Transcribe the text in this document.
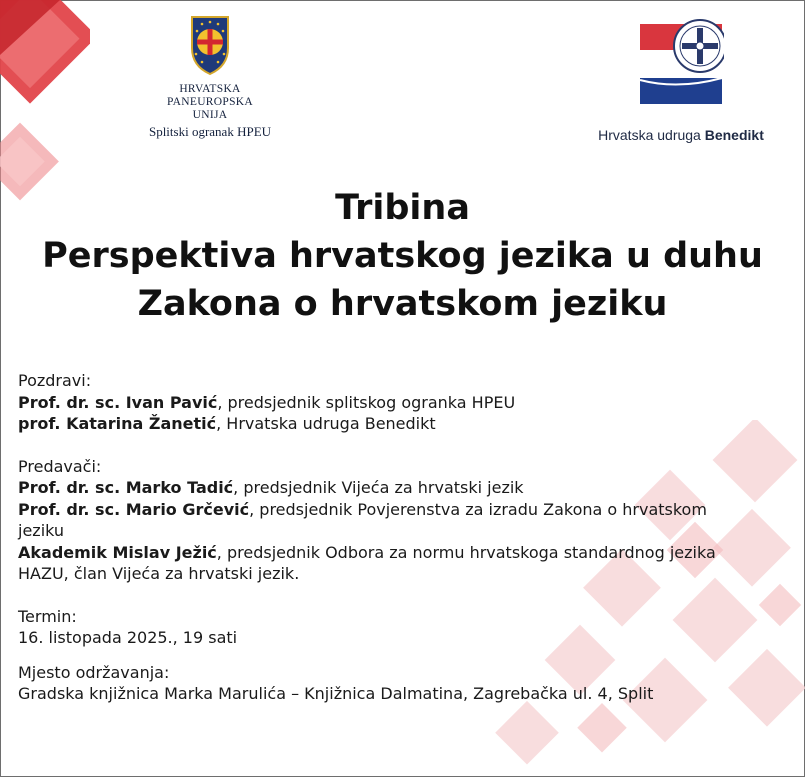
HRVATSKA
PANEUROPSKA
UNIJA
Splitski ogranak HPEU	Hrvatska udruga Benedikt
Tribina
Perspektiva hrvatskog jezika u duhu
Zakona o hrvatskom jeziku

Pozdravi:

Prof. dr. sc. Ivan Pavić, predsjednik splitskog ogranka HPEU

prof. Katarina Žanetić, Hrvatska udruga Benedikt

Predavači:

Prof. dr. sc. Marko Tadić, predsjednik Vijeća za hrvatski jezik

Prof. dr. sc. Mario Grčević, predsjednik Povjerenstva za izradu Zakona o hrvatskom

jeziku

Akademik Mislav Ježić, predsjednik Odbora za normu hrvatskoga standardnog jezika

HAZU, član Vijeća za hrvatski jezik.

Termin:

16. listopada 2025., 19 sati

Mjesto održavanja:

Gradska knjižnica Marka Marulića – Knjižnica Dalmatina, Zagrebačka ul. 4, Split
